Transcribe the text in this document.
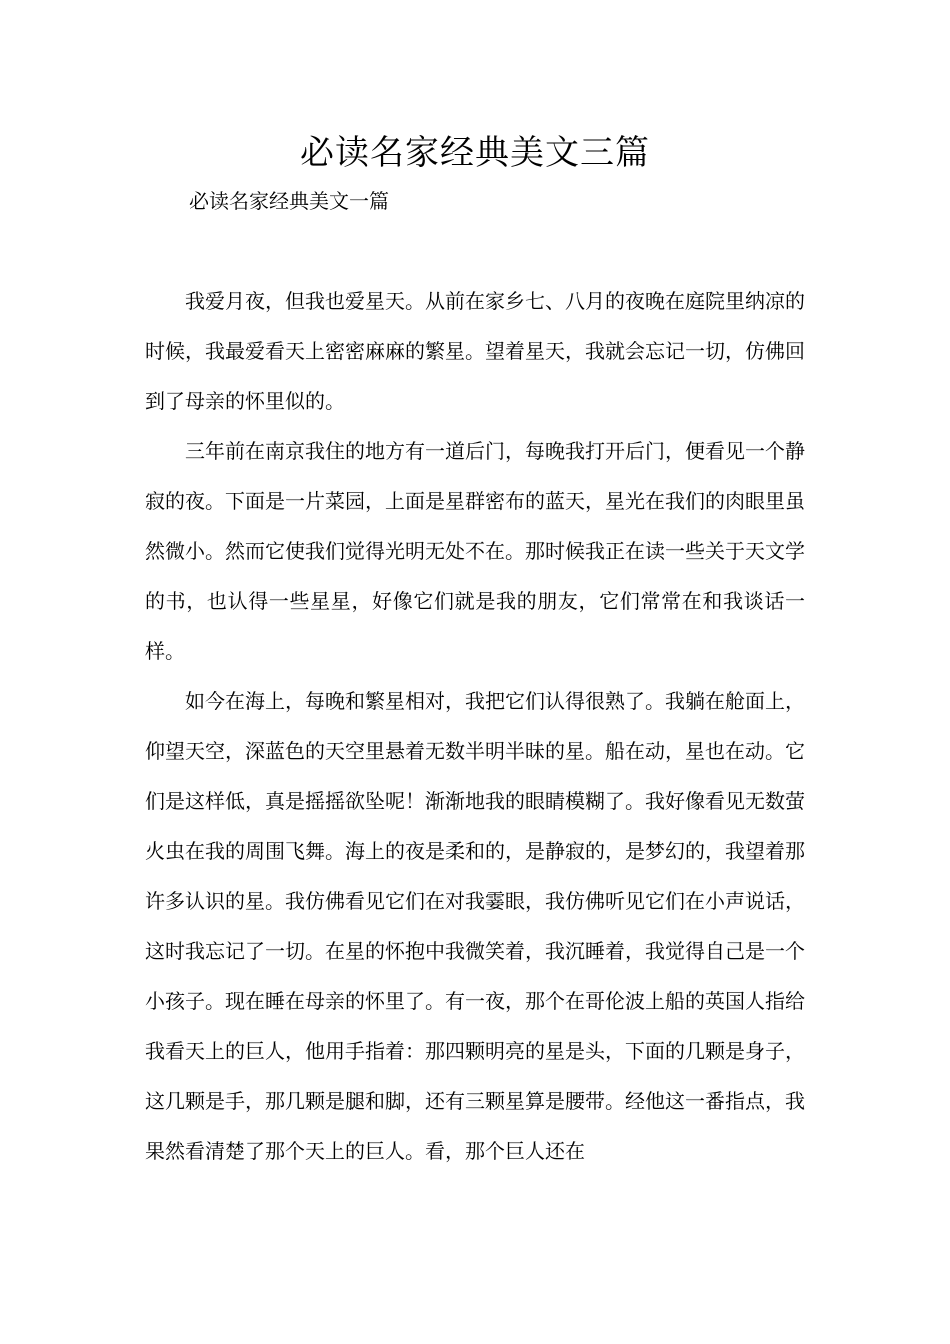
必读名家经典美文三篇

必读名家经典美文一篇

我爱月夜，但我也爱星天。从前在家乡七、八月的夜晚在庭院里纳凉的时候，我最爱看天上密密麻麻的繁星。望着星天，我就会忘记一切，仿佛回到了母亲的怀里似的。

三年前在南京我住的地方有一道后门，每晚我打开后门，便看见一个静寂的夜。下面是一片菜园，上面是星群密布的蓝天，星光在我们的肉眼里虽然微小。然而它使我们觉得光明无处不在。那时候我正在读一些关于天文学的书，也认得一些星星，好像它们就是我的朋友，它们常常在和我谈话一样。

如今在海上，每晚和繁星相对，我把它们认得很熟了。我躺在舱面上，仰望天空，深蓝色的天空里悬着无数半明半昧的星。船在动，星也在动。它们是这样低，真是摇摇欲坠呢！渐渐地我的眼睛模糊了。我好像看见无数萤火虫在我的周围飞舞。海上的夜是柔和的，是静寂的，是梦幻的，我望着那许多认识的星。我仿佛看见它们在对我霎眼，我仿佛听见它们在小声说话，这时我忘记了一切。在星的怀抱中我微笑着，我沉睡着，我觉得自己是一个小孩子。现在睡在母亲的怀里了。有一夜，那个在哥伦波上船的英国人指给我看天上的巨人，他用手指着：那四颗明亮的星是头，下面的几颗是身子，这几颗是手，那几颗是腿和脚，还有三颗星算是腰带。经他这一番指点，我果然看清楚了那个天上的巨人。看，那个巨人还在
